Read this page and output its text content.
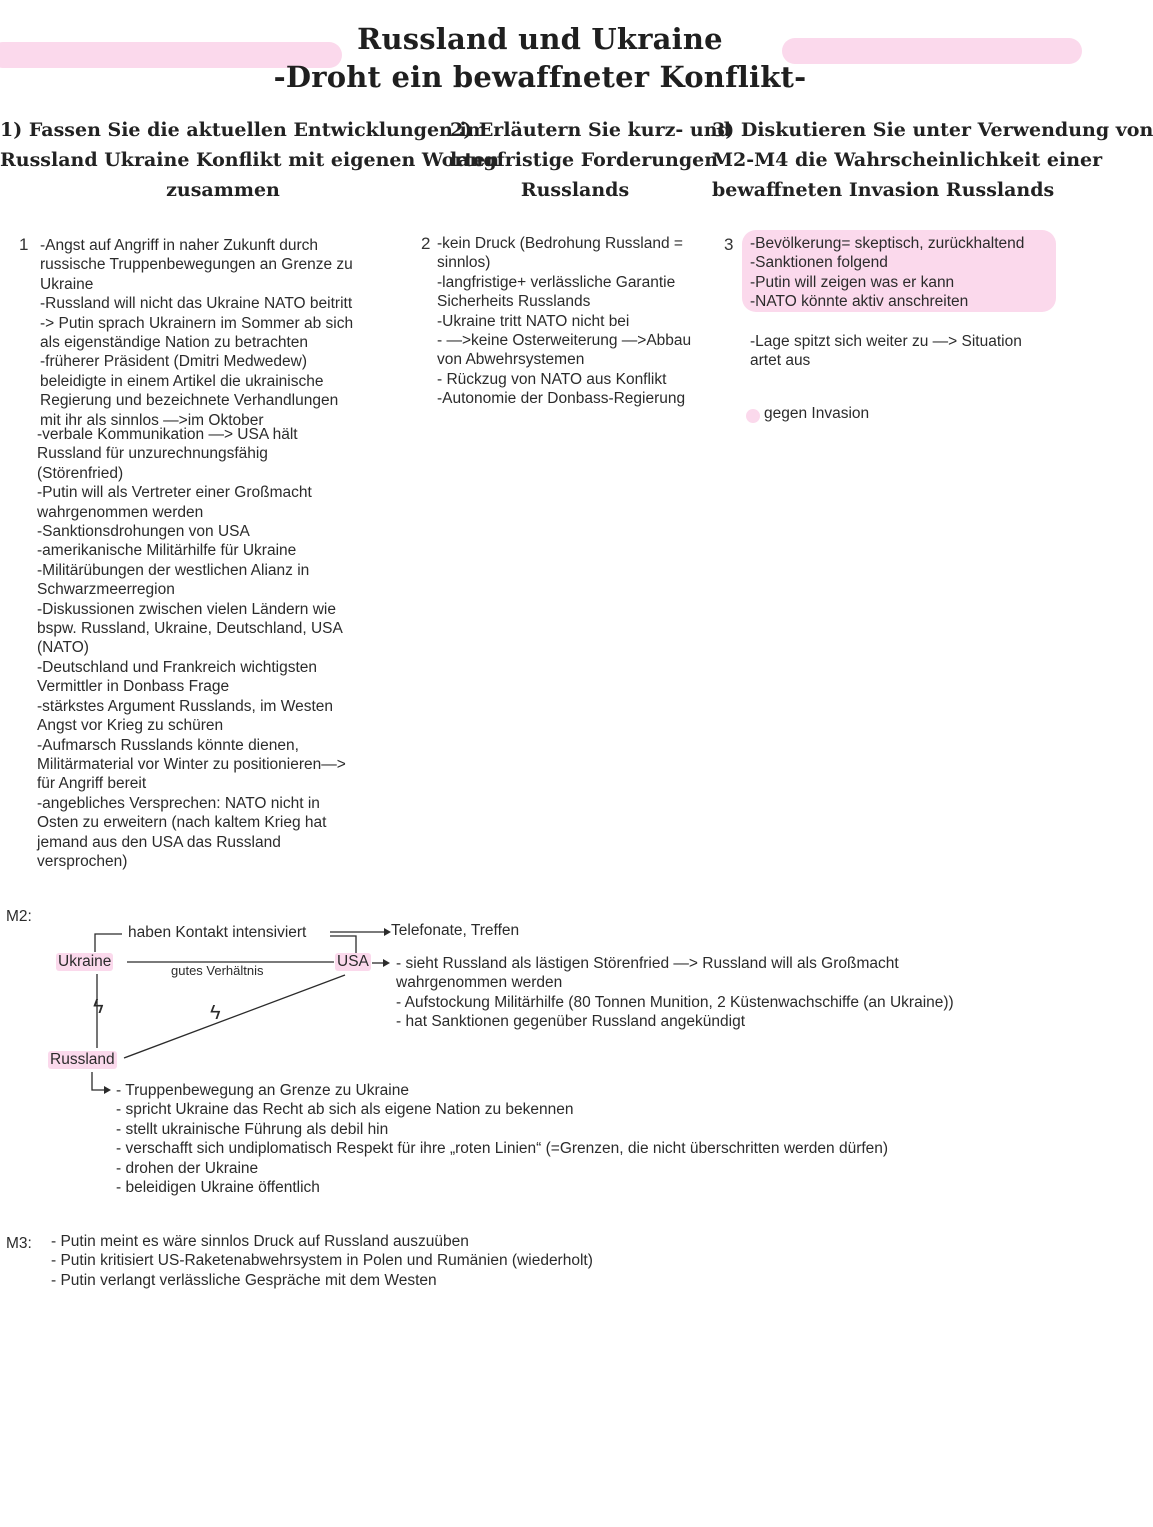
Russland und Ukraine
-Droht ein bewaffneter Konflikt-
1) Fassen Sie die aktuellen Entwicklungen im
Russland Ukraine Konflikt mit eigenen Worten
zusammen
2) Erläutern Sie kurz- und
langfristige Forderungen
Russlands
3) Diskutieren Sie unter Verwendung von
M2-M4 die Wahrscheinlichkeit einer
bewaffneten Invasion Russlands
1 -Angst auf Angriff in naher Zukunft durch
russische Truppenbewegungen an Grenze zu
Ukraine
-Russland will nicht das Ukraine NATO beitritt
-> Putin sprach Ukrainern im Sommer ab sich
als eigenständige Nation zu betrachten
-früherer Präsident (Dmitri Medwedew)
beleidigte in einem Artikel die ukrainische
Regierung und bezeichnete Verhandlungen
mit ihr als sinnlos —>im Oktober
-verbale Kommunikation —> USA hält
Russland für unzurechnungsfähig
(Störenfried)
-Putin will als Vertreter einer Großmacht
wahrgenommen werden
-Sanktionsdrohungen von USA
-amerikanische Militärhilfe für Ukraine
-Militärübungen der westlichen Alianz in
Schwarzmeerregion
-Diskussionen zwischen vielen Ländern wie
bspw. Russland, Ukraine, Deutschland, USA
(NATO)
-Deutschland und Frankreich wichtigsten
Vermittler in Donbass Frage
-stärkstes Argument Russlands, im Westen
Angst vor Krieg zu schüren
-Aufmarsch Russlands könnte dienen,
Militärmaterial vor Winter zu positionieren—>
für Angriff bereit
-angebliches Versprechen: NATO nicht in
Osten zu erweitern (nach kaltem Krieg hat
jemand aus den USA das Russland
versprochen)
2 -kein Druck (Bedrohung Russland =
sinnlos)
-langfristige+ verlässliche Garantie
Sicherheits Russlands
-Ukraine tritt NATO nicht bei
- —>keine Osterweiterung —>Abbau
von Abwehrsystemen
- Rückzug von NATO aus Konflikt
-Autonomie der Donbass-Regierung
3 -Bevölkerung= skeptisch, zurückhaltend
-Sanktionen folgend
-Putin will zeigen was er kann
-NATO könnte aktiv anschreiten
-Lage spitzt sich weiter zu —> Situation
artet aus
gegen Invasion
M2:
haben Kontakt intensiviert	Telefonate, Treffen
Ukraine
gutes Verhältnis
USA
ϟ	ϟ
Russland
- sieht Russland als lästigen Störenfried —> Russland will als Großmacht
wahrgenommen werden
- Aufstockung Militärhilfe (80 Tonnen Munition, 2 Küstenwachschiffe (an Ukraine))
- hat Sanktionen gegenüber Russland angekündigt
- Truppenbewegung an Grenze zu Ukraine
- spricht Ukraine das Recht ab sich als eigene Nation zu bekennen
- stellt ukrainische Führung als debil hin
- verschafft sich undiplomatisch Respekt für ihre „roten Linien“ (=Grenzen, die nicht überschritten werden dürfen)
- drohen der Ukraine
- beleidigen Ukraine öffentlich
M3: - Putin meint es wäre sinnlos Druck auf Russland auszuüben
- Putin kritisiert US-Raketenabwehrsystem in Polen und Rumänien (wiederholt)
- Putin verlangt verlässliche Gespräche mit dem Westen
